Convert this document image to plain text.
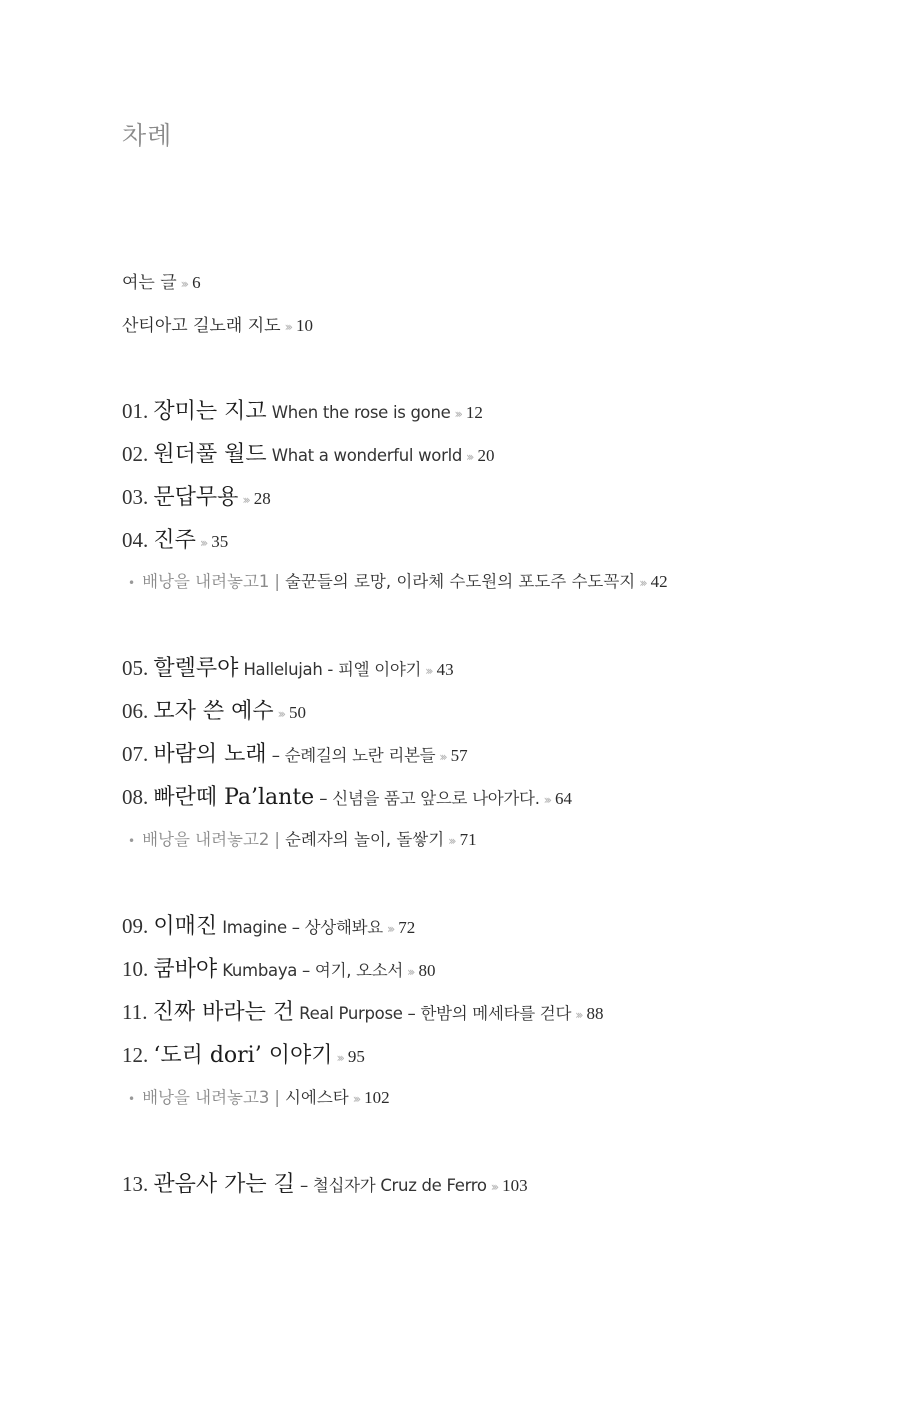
차례
여는 글 ››› 6
산티아고 길노래 지도 ››› 10
01. 장미는 지고 When the rose is gone ››› 12
02. 원더풀 월드 What a wonderful world ››› 20
03. 문답무용 ››› 28
04. 진주 ››› 35
• 배낭을 내려놓고1 | 술꾼들의 로망, 이라체 수도원의 포도주 수도꼭지 ››› 42
05. 할렐루야 Hallelujah - 피엘 이야기 ››› 43
06. 모자 쓴 예수 ››› 50
07. 바람의 노래 – 순례길의 노란 리본들 ››› 57
08. 빠란떼 Pa’lante – 신념을 품고 앞으로 나아가다. ››› 64
• 배낭을 내려놓고2 | 순례자의 놀이, 돌쌓기 ››› 71
09. 이매진 Imagine – 상상해봐요 ››› 72
10. 쿰바야 Kumbaya – 여기, 오소서 ››› 80
11. 진짜 바라는 건 Real Purpose – 한밤의 메세타를 걷다 ››› 88
12. ‘도리 dori’ 이야기 ››› 95
• 배낭을 내려놓고3 | 시에스타 ››› 102
13. 관음사 가는 길 – 철십자가 Cruz de Ferro ››› 103
